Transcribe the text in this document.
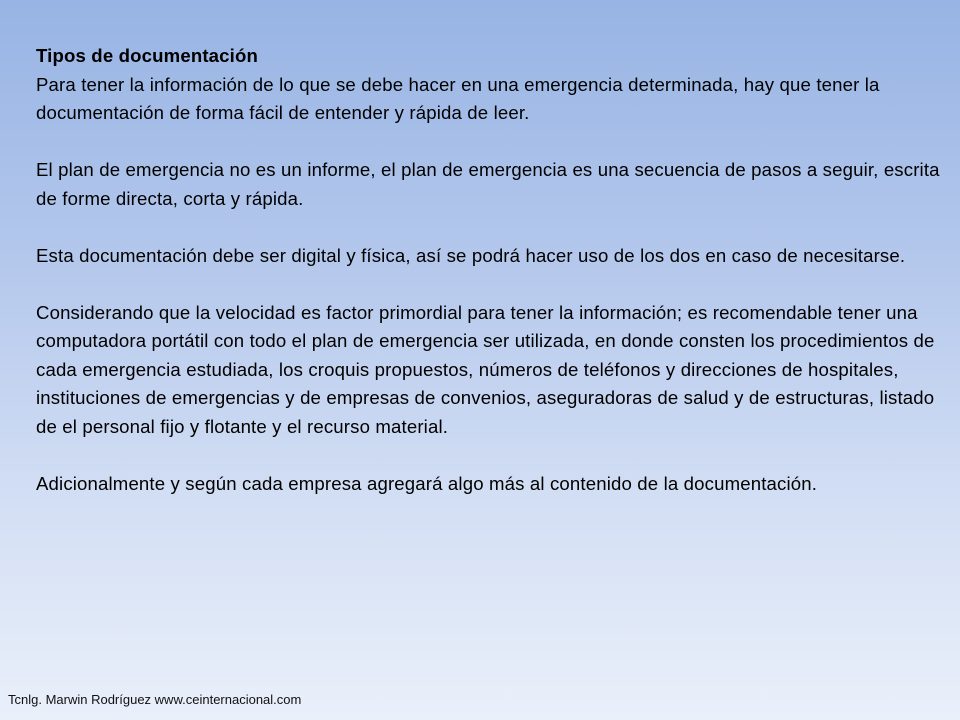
Tipos de documentación

Para tener la información de lo que se debe hacer en una emergencia determinada, hay que tener la documentación de forma fácil de entender y rápida de leer.

El plan de emergencia no es un informe, el plan de emergencia es una secuencia de pasos a seguir, escrita de forme directa, corta y rápida.

Esta documentación debe ser digital y física, así se podrá hacer uso de los dos en caso de necesitarse.

Considerando que la velocidad es factor primordial para tener la información; es recomendable tener una computadora portátil con todo el plan de emergencia ser utilizada, en donde consten los procedimientos de cada emergencia estudiada, los croquis propuestos, números de teléfonos y direcciones de hospitales, instituciones de emergencias y de empresas de convenios, aseguradoras de salud y de estructuras, listado de el personal fijo y flotante y el recurso material.

Adicionalmente y según cada empresa agregará algo más al contenido de la documentación.

Tcnlg. Marwin Rodríguez www.ceinternacional.com
